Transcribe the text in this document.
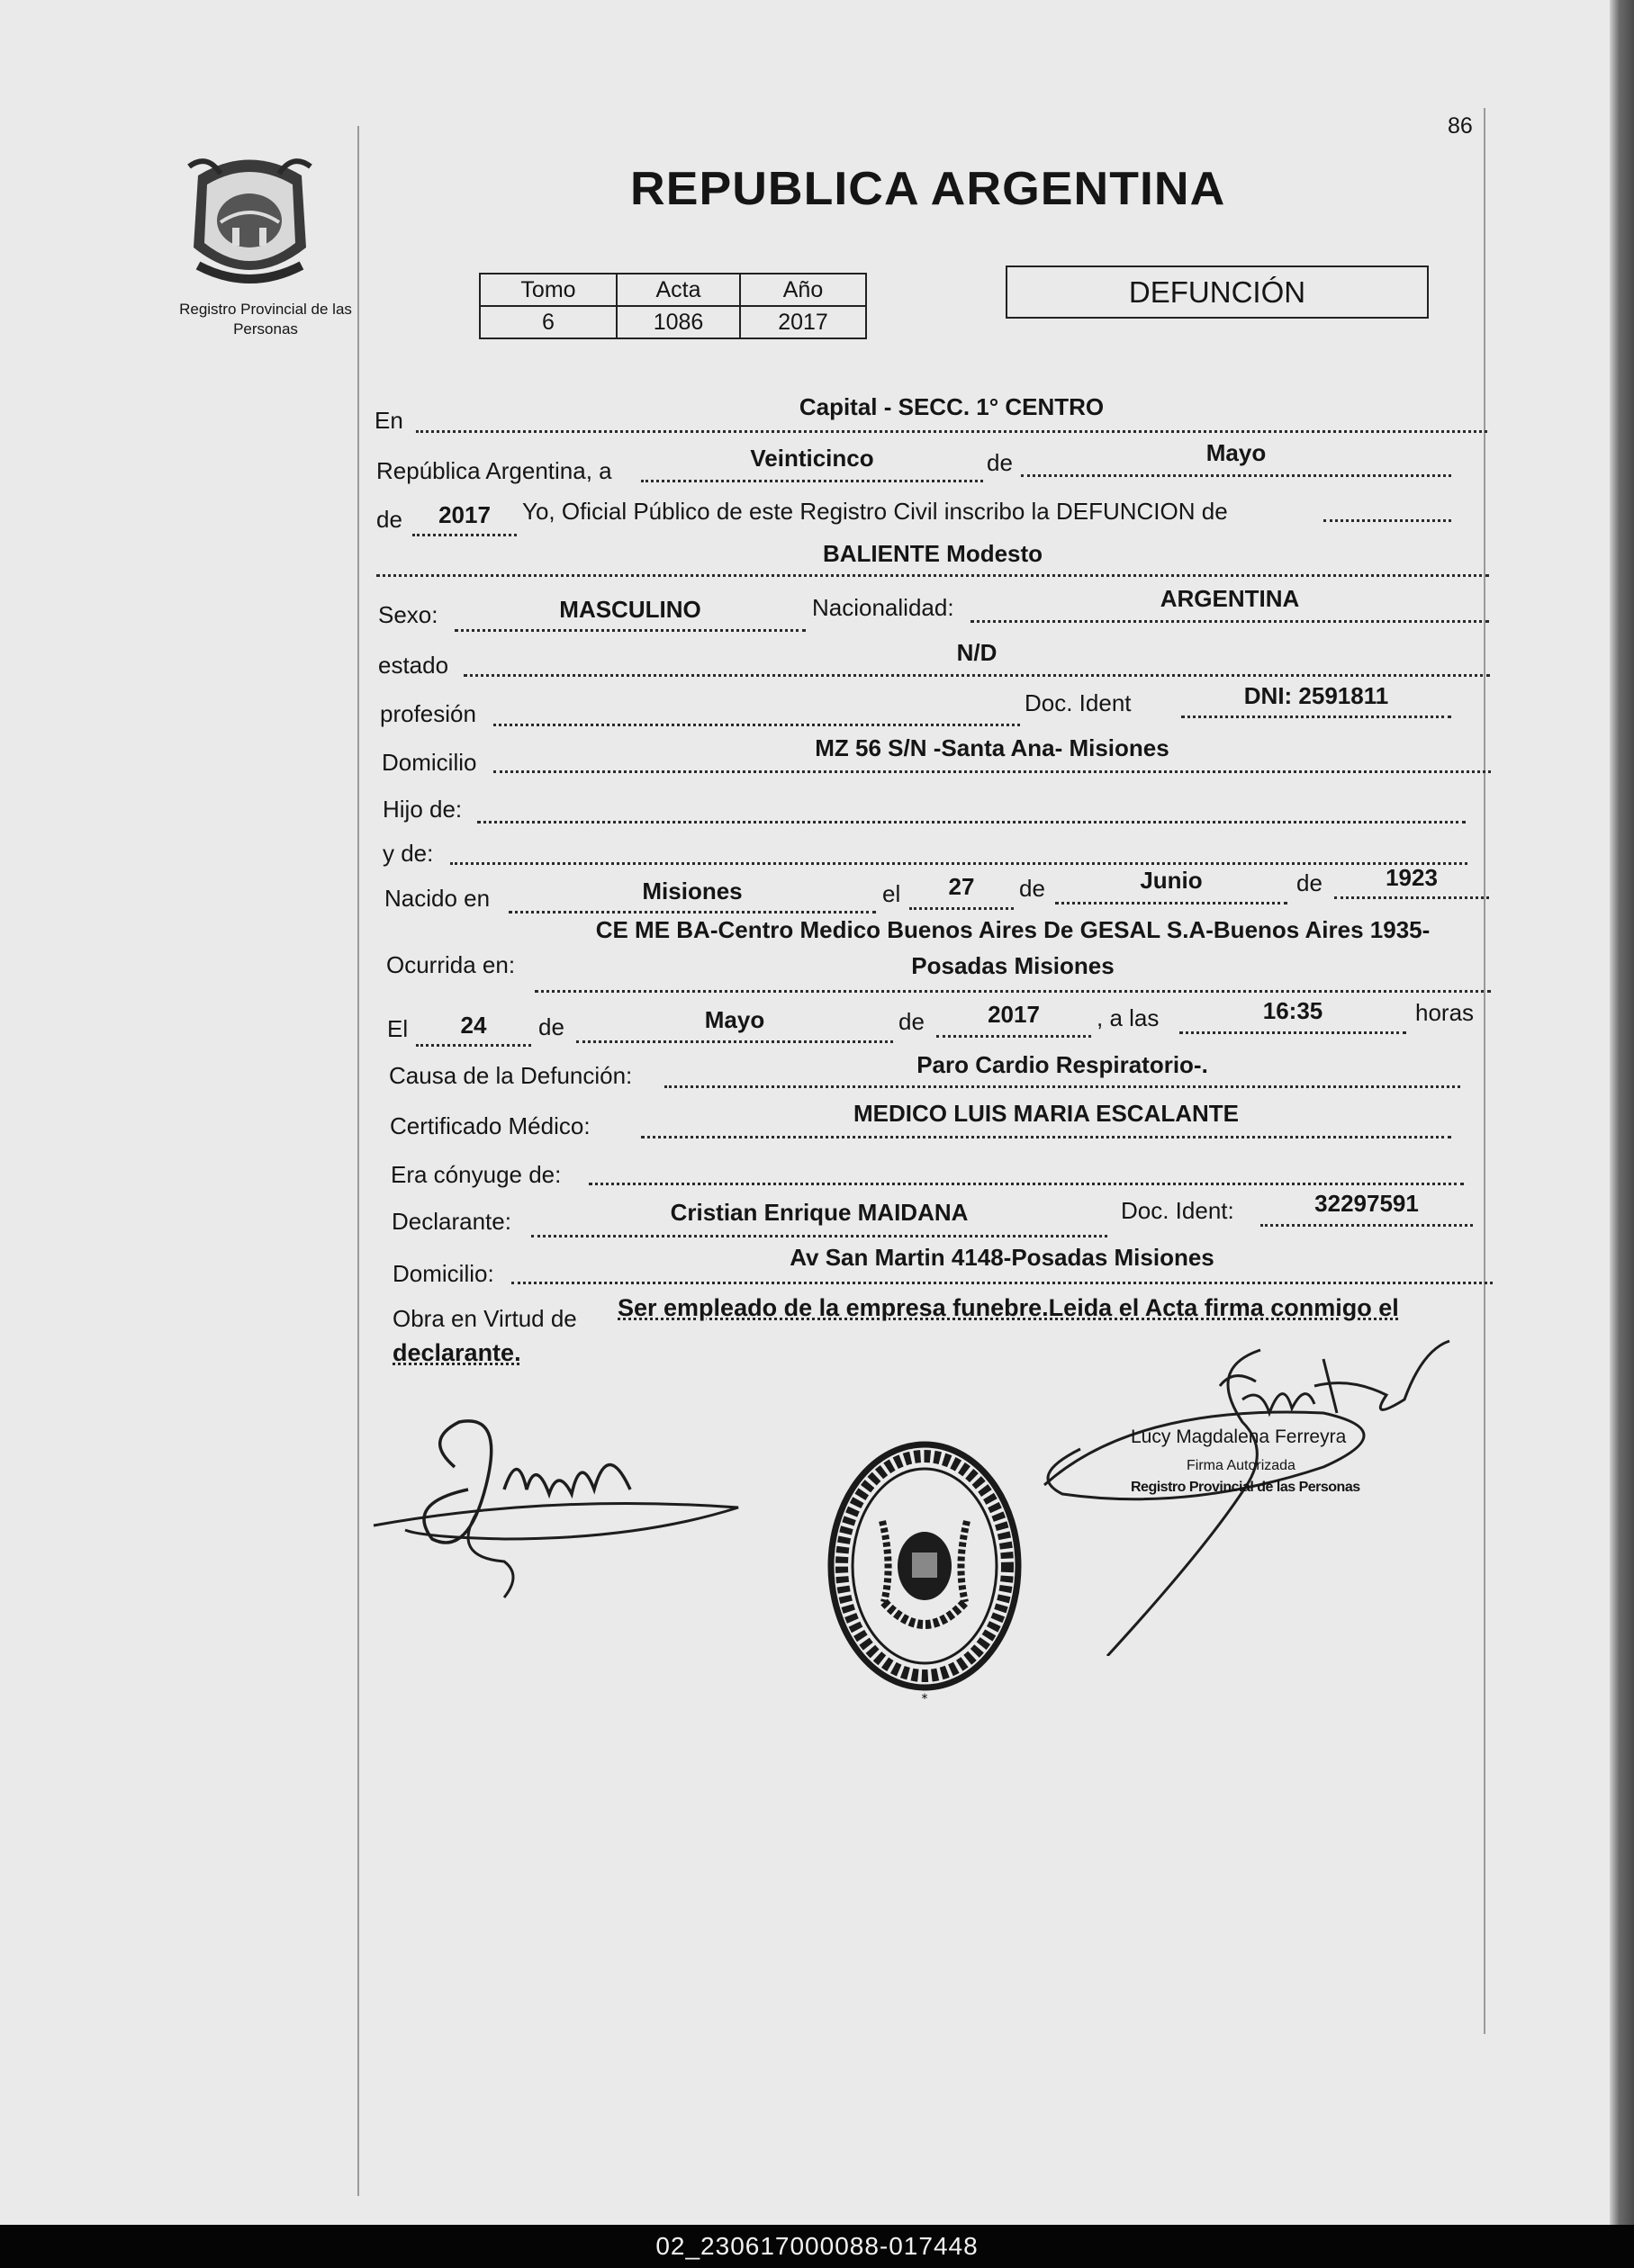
86
Registro Provincial de las Personas
REPUBLICA ARGENTINA
Tomo	Acta	Año
6	1086	2017
DEFUNCIÓN
En	Capital - SECC. 1° CENTRO
República Argentina, a	Veinticinco	de	Mayo
de	2017	Yo, Oficial Público de este Registro Civil inscribo la DEFUNCION de
BALIENTE Modesto
Sexo:	MASCULINO	Nacionalidad:	ARGENTINA
estado	N/D
profesión	Doc. Ident	DNI: 2591811
Domicilio
MZ 56 S/N -Santa Ana- Misiones
Hijo de:
y de:
Nacido en	Misiones	el	27	de	Junio	de	1923
Ocurrida en:
CE ME BA-Centro Medico Buenos Aires De GESAL S.A-Buenos Aires 1935-
Posadas Misiones
El	24	de	Mayo	de	2017	, a las	16:35	horas
Causa de la Defunción:	Paro Cardio Respiratorio-.
Certificado Médico:	MEDICO LUIS MARIA ESCALANTE
Era cónyuge de:
Declarante:	Cristian Enrique MAIDANA	Doc. Ident:	32297591
Domicilio:
Av San Martin 4148-Posadas Misiones
Obra en Virtud de Ser empleado de la empresa funebre.Leida el Acta firma conmigo el
declarante.
*
Lucy Magdalena Ferreyra
Firma Autorizada
Registro Provincial de las Personas
02_230617000088-017448
